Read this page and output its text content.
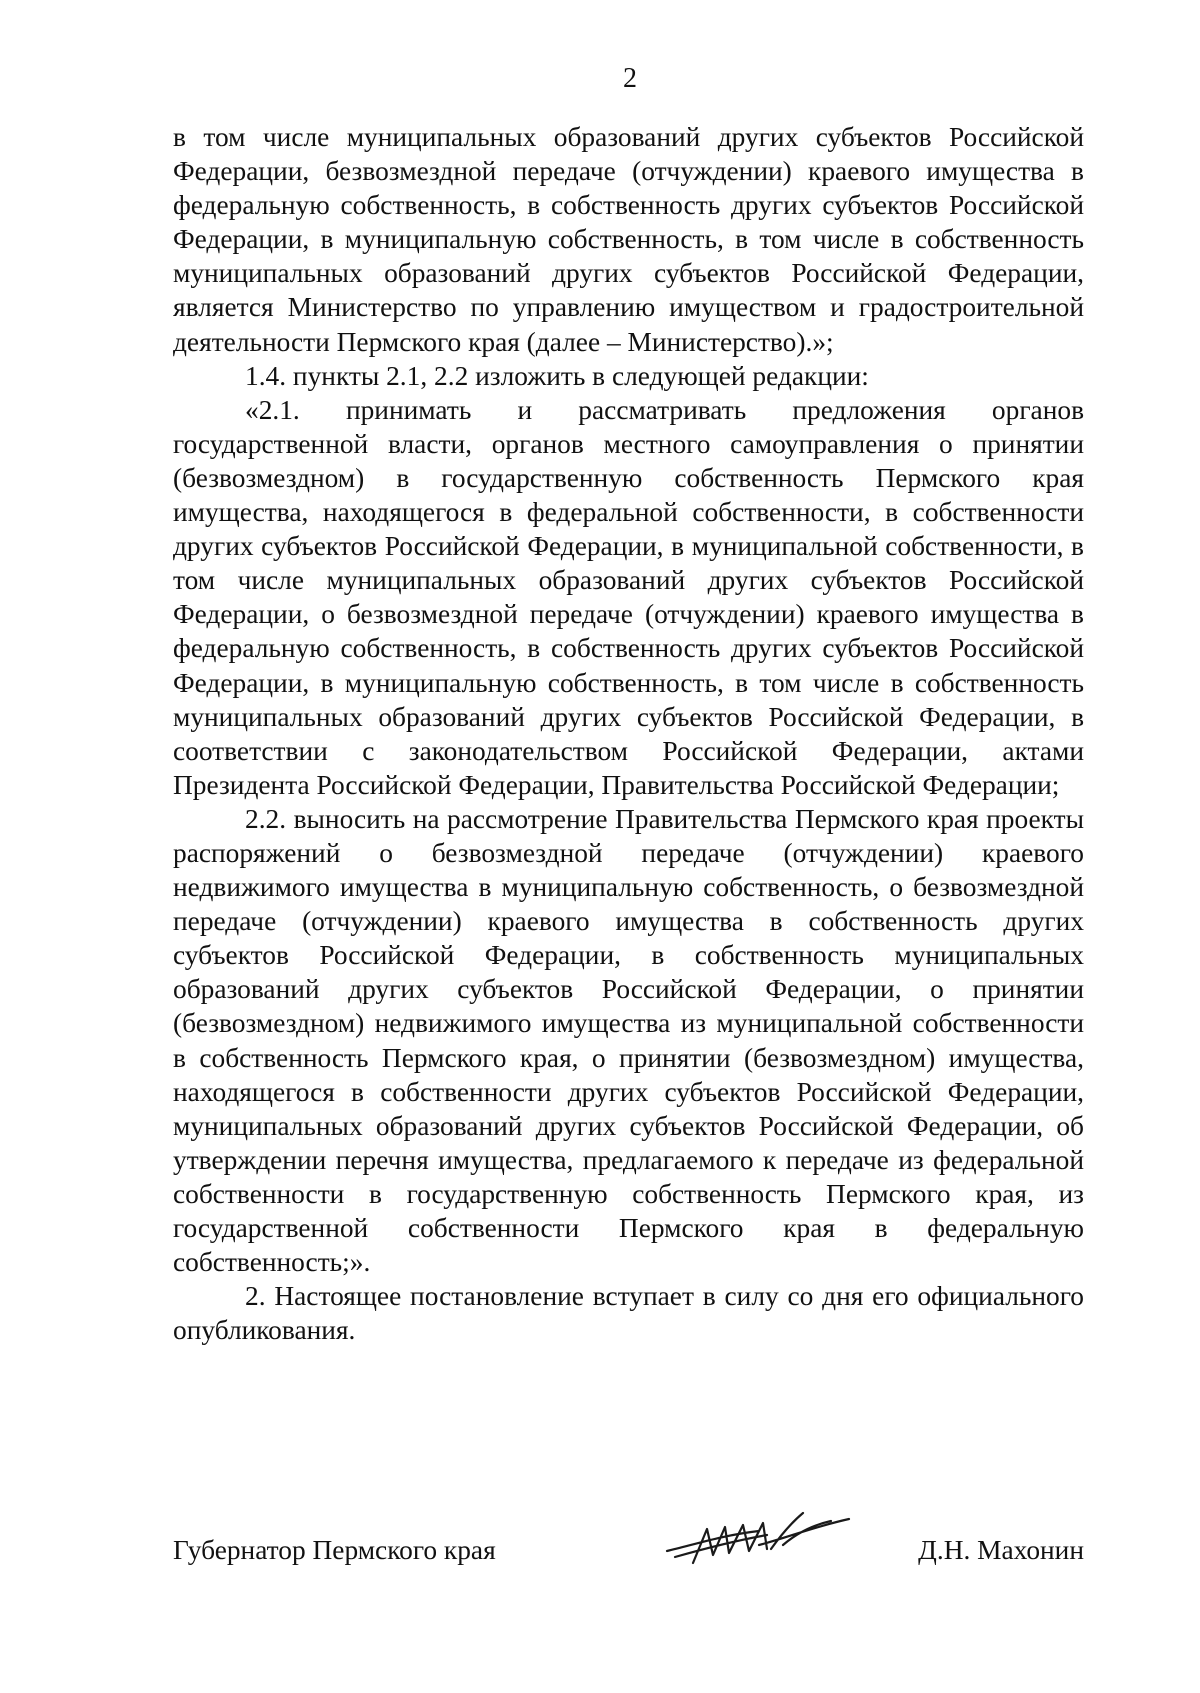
2

в том числе муниципальных образований других субъектов Российской Федерации, безвозмездной передаче (отчуждении) краевого имущества в федеральную собственность, в собственность других субъектов Российской Федерации, в муниципальную собственность, в том числе в собственность муниципальных образований других субъектов Российской Федерации, является Министерство по управлению имуществом и градостроительной деятельности Пермского края (далее – Министерство).»;

1.4. пункты 2.1, 2.2 изложить в следующей редакции:

«2.1. принимать и рассматривать предложения органов государственной власти, органов местного самоуправления о принятии (безвозмездном) в государственную собственность Пермского края имущества, находящегося в федеральной собственности, в собственности других субъектов Российской Федерации, в муниципальной собственности, в том числе муниципальных образований других субъектов Российской Федерации, о безвозмездной передаче (отчуждении) краевого имущества в федеральную собственность, в собственность других субъектов Российской Федерации, в муниципальную собственность, в том числе в собственность муниципальных образований других субъектов Российской Федерации, в соответствии с законодательством Российской Федерации, актами Президента Российской Федерации, Правительства Российской Федерации;

2.2. выносить на рассмотрение Правительства Пермского края проекты распоряжений о безвозмездной передаче (отчуждении) краевого недвижимого имущества в муниципальную собственность, о безвозмездной передаче (отчуждении) краевого имущества в собственность других субъектов Российской Федерации, в собственность муниципальных образований других субъектов Российской Федерации, о принятии (безвозмездном) недвижимого имущества из муниципальной собственности в собственность Пермского края, о принятии (безвозмездном) имущества, находящегося в собственности других субъектов Российской Федерации, муниципальных образований других субъектов Российской Федерации, об утверждении перечня имущества, предлагаемого к передаче из федеральной собственности в государственную собственность Пермского края, из государственной собственности Пермского края в федеральную собственность;».

2. Настоящее постановление вступает в силу со дня его официального опубликования.

Губернатор Пермского края	Д.Н. Махонин
